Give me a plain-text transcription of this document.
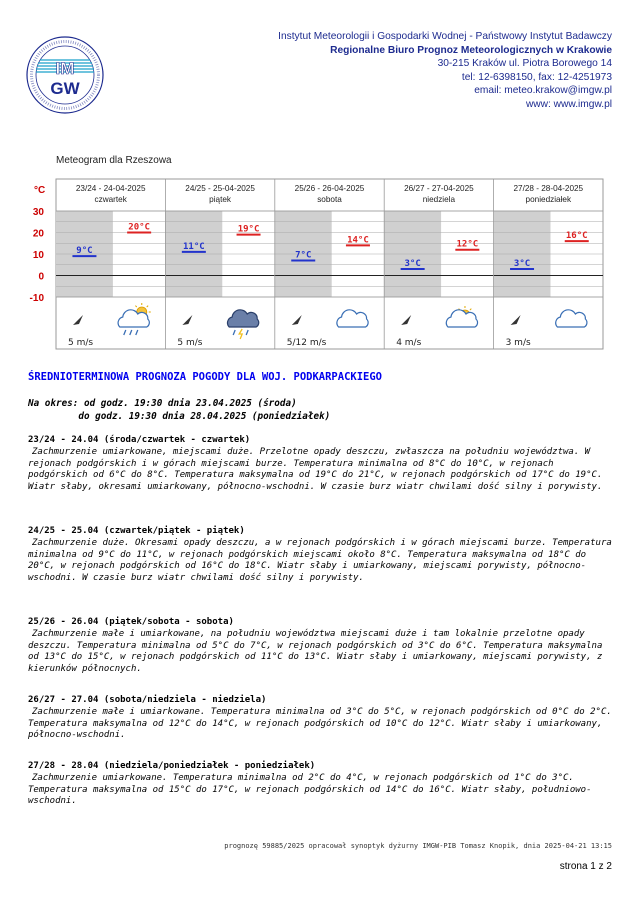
Instytut Meteorologii i Gospodarki Wodnej - Państwowy Instytut Badawczy
Regionalne Biuro Prognoz Meteorologicznych w Krakowie
30-215 Kraków ul. Piotra Borowego 14
tel: 12-6398150, fax: 12-4251973
email: meteo.krakow@imgw.pl
www: www.imgw.pl
IM
GW
Meteogram dla Rzeszowa
°C
30
20
10
0
-10
23/24 - 24-04-2025
czwartek
9°C
20°C
5 m/s
24/25 - 25-04-2025
piątek
11°C
19°C
5 m/s
25/26 - 26-04-2025
sobota
7°C
14°C
5/12 m/s
26/27 - 27-04-2025
niedziela
3°C
12°C
4 m/s
27/28 - 28-04-2025
poniedziałek
3°C
16°C
3 m/s
ŚREDNIOTERMINOWA PROGNOZA POGODY DLA WOJ. PODKARPACKIEGO
Na okres: od godz. 19:30 dnia 23.04.2025 (środa)
do godz. 19:30 dnia 28.04.2025 (poniedziałek)
23/24 - 24.04 (środa/czwartek - czwartek)
Zachmurzenie umiarkowane, miejscami duże. Przelotne opady deszczu, zwłaszcza na południu województwa. W rejonach podgórskich i w górach miejscami burze. Temperatura minimalna od 8°C do 10°C, w rejonach podgórskich od 6°C do 8°C. Temperatura maksymalna od 19°C do 21°C, w rejonach podgórskich od 17°C do 19°C. Wiatr słaby, okresami umiarkowany, północno-wschodni. W czasie burz wiatr chwilami dość silny i porywisty.
24/25 - 25.04 (czwartek/piątek - piątek)
Zachmurzenie duże. Okresami opady deszczu, a w rejonach podgórskich i w górach miejscami burze. Temperatura minimalna od 9°C do 11°C, w rejonach podgórskich miejscami około 8°C. Temperatura maksymalna od 18°C do 20°C, w rejonach podgórskich od 16°C do 18°C. Wiatr słaby i umiarkowany, miejscami porywisty, północno-wschodni. W czasie burz wiatr chwilami dość silny i porywisty.
25/26 - 26.04 (piątek/sobota - sobota)
Zachmurzenie małe i umiarkowane, na południu województwa miejscami duże i tam lokalnie przelotne opady deszczu. Temperatura minimalna od 5°C do 7°C, w rejonach podgórskich od 3°C do 6°C. Temperatura maksymalna od 13°C do 15°C, w rejonach podgórskich od 11°C do 13°C. Wiatr słaby i umiarkowany, miejscami porywisty, z kierunków północnych.
26/27 - 27.04 (sobota/niedziela - niedziela)
Zachmurzenie małe i umiarkowane. Temperatura minimalna od 3°C do 5°C, w rejonach podgórskich od 0°C do 2°C. Temperatura maksymalna od 12°C do 14°C, w rejonach podgórskich od 10°C do 12°C. Wiatr słaby i umiarkowany, północno-wschodni.
27/28 - 28.04 (niedziela/poniedziałek - poniedziałek)
Zachmurzenie umiarkowane. Temperatura minimalna od 2°C do 4°C, w rejonach podgórskich od 1°C do 3°C. Temperatura maksymalna od 15°C do 17°C, w rejonach podgórskich od 14°C do 16°C. Wiatr słaby, południowo-wschodni.
prognozę 59885/2025 opracował synoptyk dyżurny IMGW-PIB Tomasz Knopik, dnia 2025-04-21 13:15
strona 1 z 2
